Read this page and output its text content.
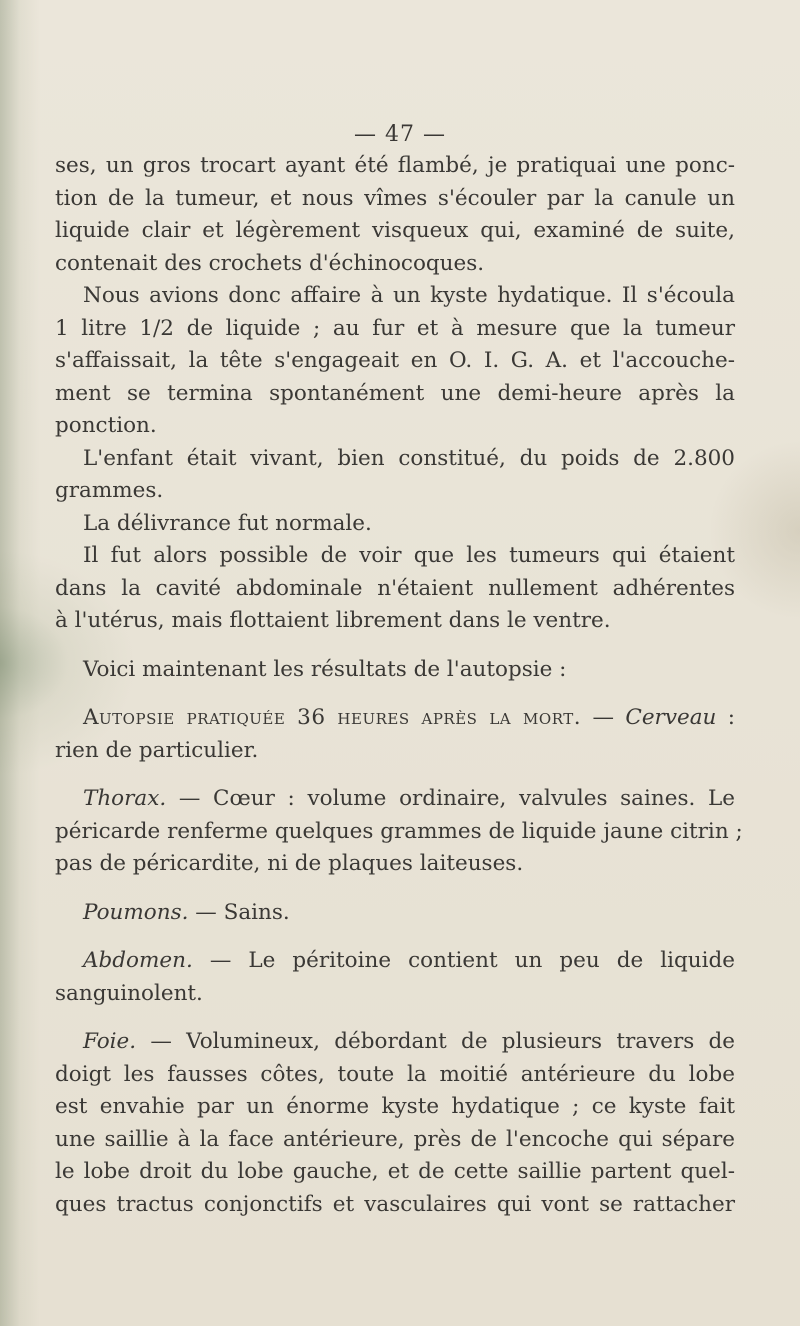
— 47 —
ses, un gros trocart ayant été flambé, je pratiquai une ponc-
tion de la tumeur, et nous vîmes s'écouler par la canule un
liquide clair et légèrement visqueux qui, examiné de suite,
contenait des crochets d'échinocoques.
Nous avions donc affaire à un kyste hydatique. Il s'écoula
1 litre 1/2 de liquide ; au fur et à mesure que la tumeur
s'affaissait, la tête s'engageait en O. I. G. A. et l'accouche-
ment se termina spontanément une demi-heure après la
ponction.
L'enfant était vivant, bien constitué, du poids de 2.800
grammes.
La délivrance fut normale.
Il fut alors possible de voir que les tumeurs qui étaient
dans la cavité abdominale n'étaient nullement adhérentes
à l'utérus, mais flottaient librement dans le ventre.
Voici maintenant les résultats de l'autopsie :
Autopsie pratiquée 36 heures après la mort. — Cerveau :
rien de particulier.
Thorax. — Cœur : volume ordinaire, valvules saines. Le
péricarde renferme quelques grammes de liquide jaune citrin ;
pas de péricardite, ni de plaques laiteuses.
Poumons. — Sains.
Abdomen. — Le péritoine contient un peu de liquide
sanguinolent.
Foie. — Volumineux, débordant de plusieurs travers de
doigt les fausses côtes, toute la moitié antérieure du lobe
est envahie par un énorme kyste hydatique ; ce kyste fait
une saillie à la face antérieure, près de l'encoche qui sépare
le lobe droit du lobe gauche, et de cette saillie partent quel-
ques tractus conjonctifs et vasculaires qui vont se rattacher
